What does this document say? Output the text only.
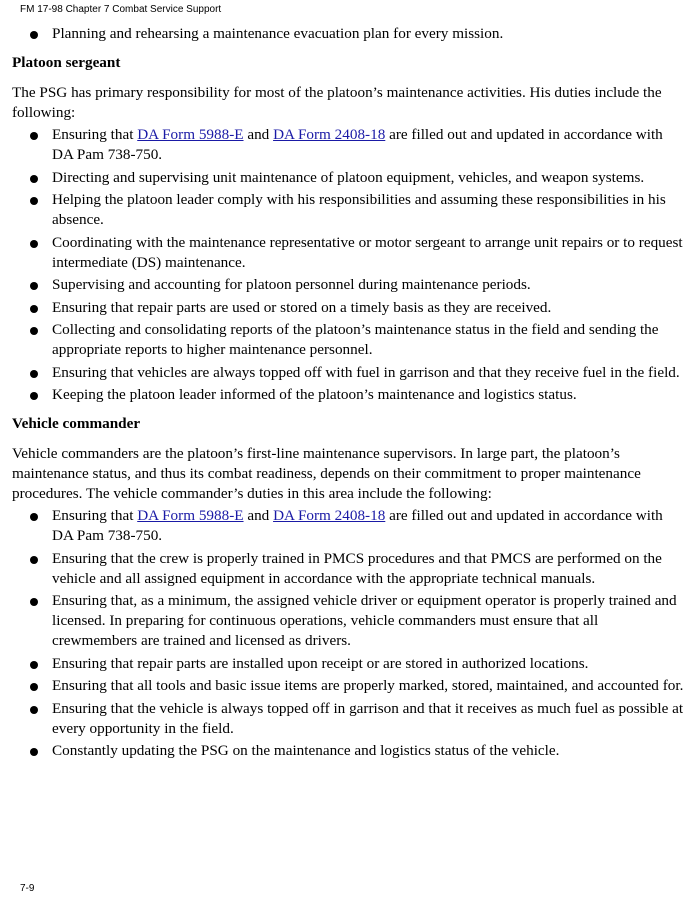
FM 17-98 Chapter 7 Combat Service Support
Planning and rehearsing a maintenance evacuation plan for every mission.
Platoon sergeant

The PSG has primary responsibility for most of the platoon’s maintenance activities. His duties include the following:

Ensuring that DA Form 5988-E and DA Form 2408-18 are filled out and updated in accordance with DA Pam 738-750.
Directing and supervising unit maintenance of platoon equipment, vehicles, and weapon systems.
Helping the platoon leader comply with his responsibilities and assuming these responsibilities in his absence.
Coordinating with the maintenance representative or motor sergeant to arrange unit repairs or to request intermediate (DS) maintenance.
Supervising and accounting for platoon personnel during maintenance periods.
Ensuring that repair parts are used or stored on a timely basis as they are received.
Collecting and consolidating reports of the platoon’s maintenance status in the field and sending the appropriate reports to higher maintenance personnel.
Ensuring that vehicles are always topped off with fuel in garrison and that they receive fuel in the field.
Keeping the platoon leader informed of the platoon’s maintenance and logistics status.
Vehicle commander

Vehicle commanders are the platoon’s first-line maintenance supervisors. In large part, the platoon’s maintenance status, and thus its combat readiness, depends on their commitment to proper maintenance procedures. The vehicle commander’s duties in this area include the following:

Ensuring that DA Form 5988-E and DA Form 2408-18 are filled out and updated in accordance with DA Pam 738-750.
Ensuring that the crew is properly trained in PMCS procedures and that PMCS are performed on the vehicle and all assigned equipment in accordance with the appropriate technical manuals.
Ensuring that, as a minimum, the assigned vehicle driver or equipment operator is properly trained and licensed. In preparing for continuous operations, vehicle commanders must ensure that all crewmembers are trained and licensed as drivers.
Ensuring that repair parts are installed upon receipt or are stored in authorized locations.
Ensuring that all tools and basic issue items are properly marked, stored, maintained, and accounted for.
Ensuring that the vehicle is always topped off in garrison and that it receives as much fuel as possible at every opportunity in the field.
Constantly updating the PSG on the maintenance and logistics status of the vehicle.
7-9
